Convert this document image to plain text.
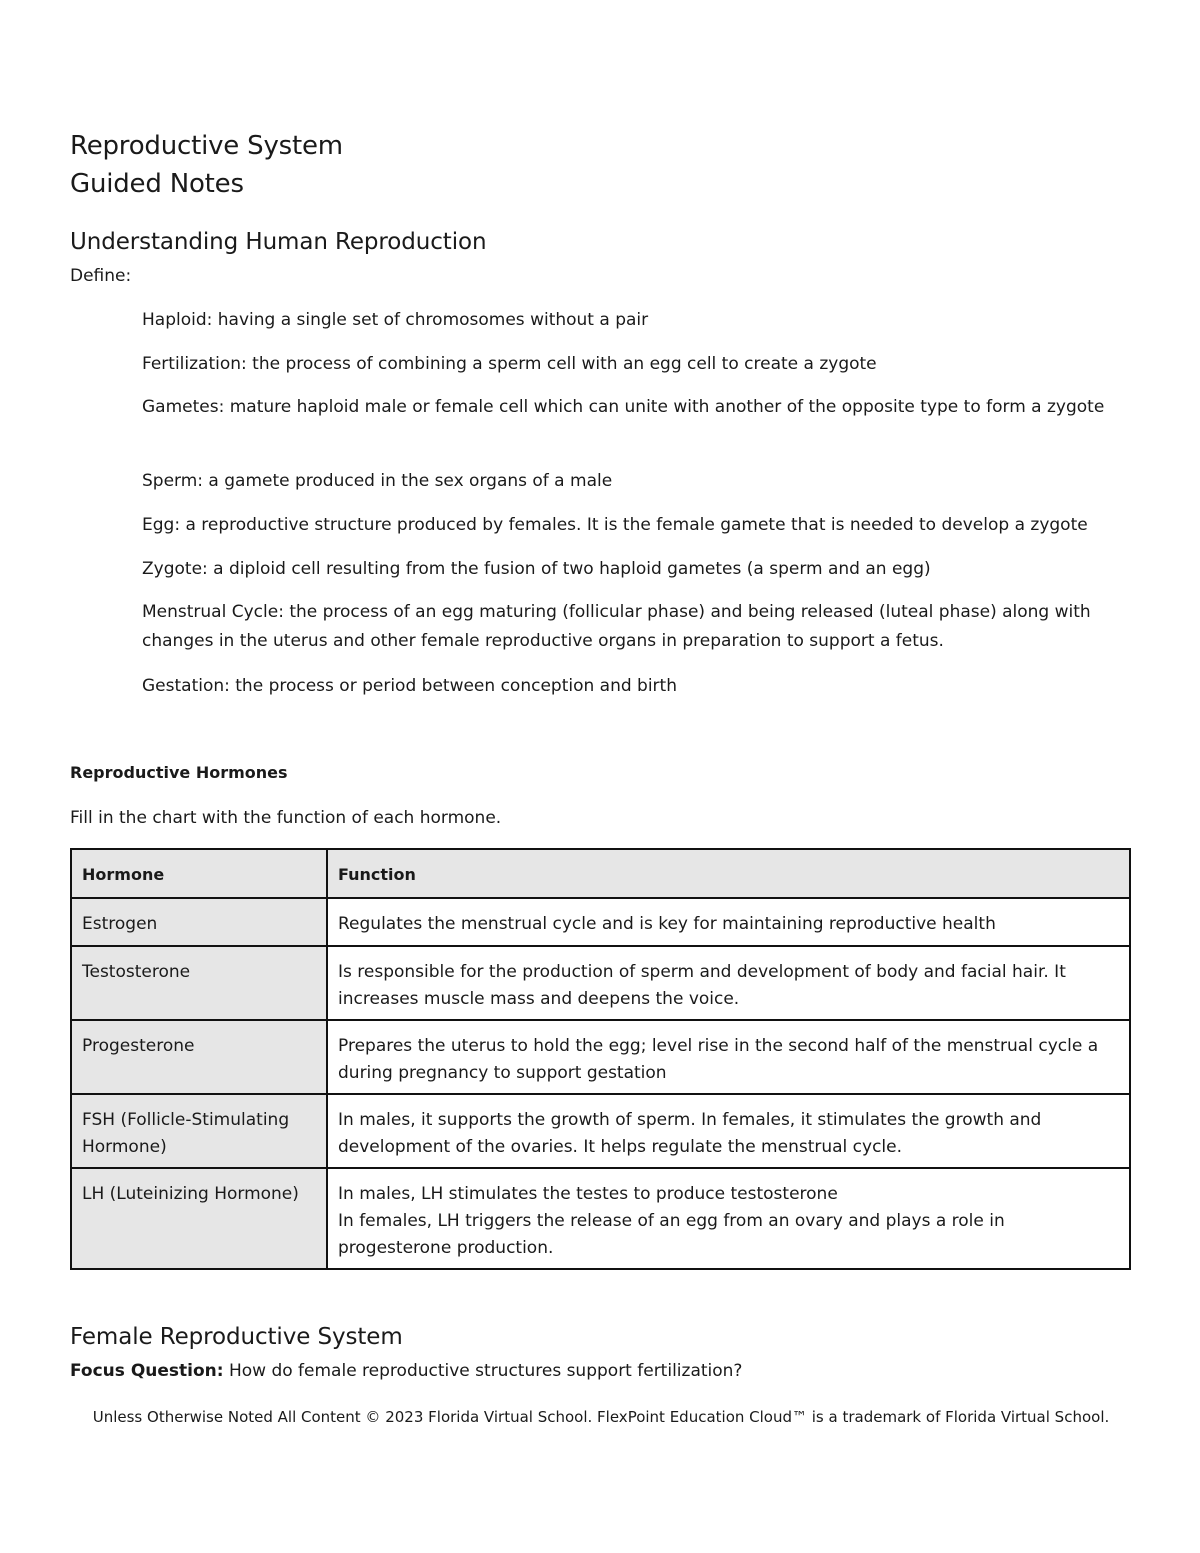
Reproductive System
Guided Notes
Understanding Human Reproduction
Define:
Haploid: having a single set of chromosomes without a pair
Fertilization: the process of combining a sperm cell with an egg cell to create a zygote
Gametes: mature haploid male or female cell which can unite with another of the opposite type to form a zygote
Sperm: a gamete produced in the sex organs of a male
Egg: a reproductive structure produced by females. It is the female gamete that is needed to develop a zygote
Zygote: a diploid cell resulting from the fusion of two haploid gametes (a sperm and an egg)
Menstrual Cycle: the process of an egg maturing (follicular phase) and being released (luteal phase) along with changes in the uterus and other female reproductive organs in preparation to support a fetus.
Gestation: the process or period between conception and birth
Reproductive Hormones
Fill in the chart with the function of each hormone.
Hormone	Function
Estrogen	Regulates the menstrual cycle and is key for maintaining reproductive health
Testosterone	Is responsible for the production of sperm and development of body and facial hair. It increases muscle mass and deepens the voice.
Progesterone	Prepares the uterus to hold the egg; level rise in the second half of the menstrual cycle a during pregnancy to support gestation
FSH (Follicle-Stimulating Hormone)	In males, it supports the growth of sperm. In females, it stimulates the growth and development of the ovaries. It helps regulate the menstrual cycle.
LH (Luteinizing Hormone)	In males, LH stimulates the testes to produce testosterone
In females, LH triggers the release of an egg from an ovary and plays a role in progesterone production.
Female Reproductive System
Focus Question: How do female reproductive structures support fertilization?
Unless Otherwise Noted All Content © 2023 Florida Virtual School. FlexPoint Education Cloud™ is a trademark of Florida Virtual School.
